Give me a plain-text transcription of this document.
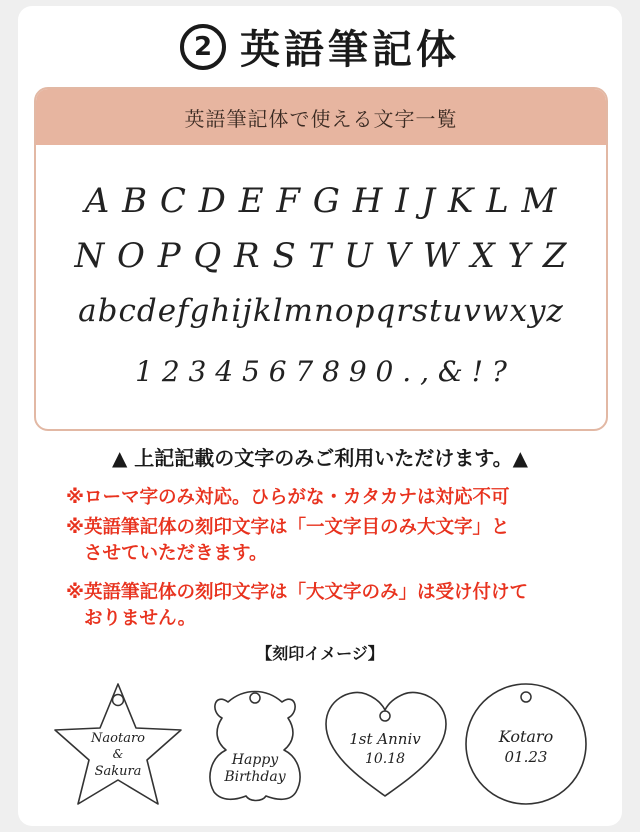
2 英語筆記体
英語筆記体で使える文字一覧
A B C D E F G H I J K L M
N O P Q R S T U V W X Y Z
abcdefghijklmnopqrstuvwxyz
1 2 3 4 5 6 7 8 9 0 . , & ! ?
▲ 上記記載の文字のみご利用いただけます。▲
※ローマ字のみ対応。ひらがな・カタカナは対応不可
※英語筆記体の刻印文字は「一文字目のみ大文字」と
させていただきます。
※英語筆記体の刻印文字は「大文字のみ」は受け付けて
おりません。
【刻印イメージ】
Naotaro
&
Sakura
Happy
Birthday
1st Anniv
10.18
Kotaro
01.23
